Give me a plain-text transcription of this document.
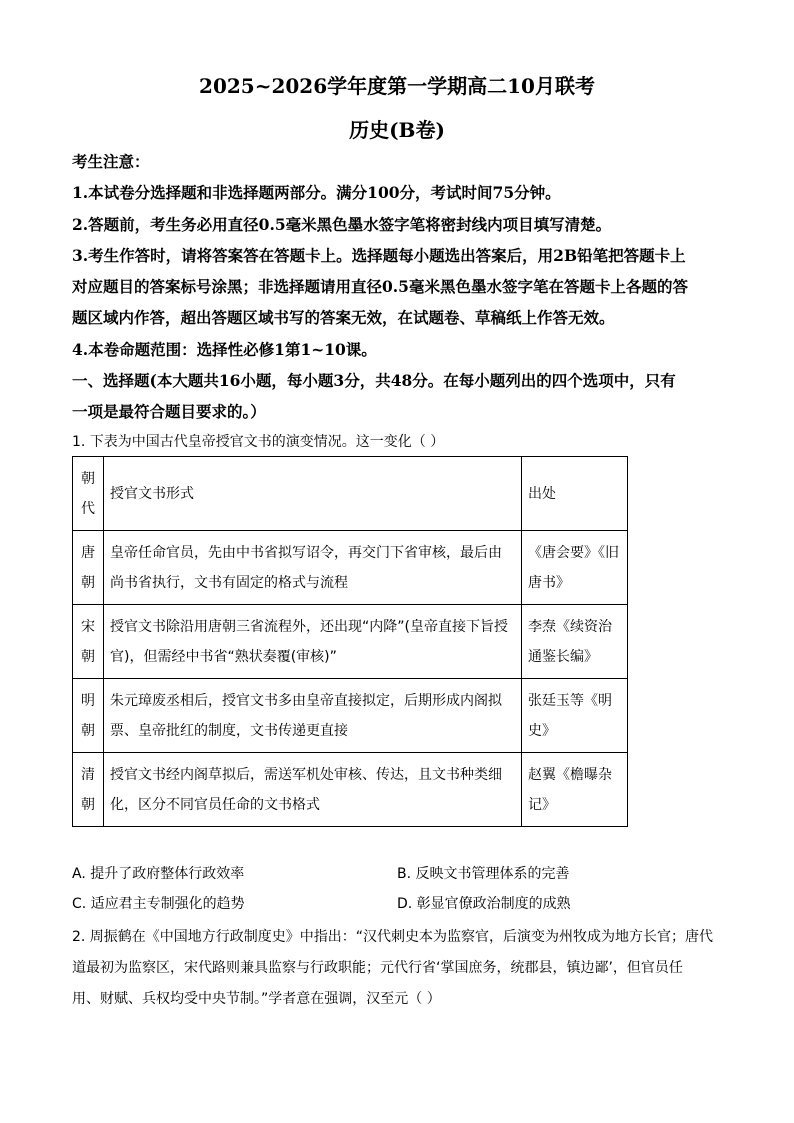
2025~2026学年度第一学期高二10月联考
历史(B卷)
考生注意：
1.本试卷分选择题和非选择题两部分。满分100分，考试时间75分钟。
2.答题前，考生务必用直径0.5毫米黑色墨水签字笔将密封线内项目填写清楚。
3.考生作答时，请将答案答在答题卡上。选择题每小题选出答案后，用2B铅笔把答题卡上
对应题目的答案标号涂黑；非选择题请用直径0.5毫米黑色墨水签字笔在答题卡上各题的答
题区域内作答，超出答题区域书写的答案无效，在试题卷、草稿纸上作答无效。
4.本卷命题范围：选择性必修1第1~10课。
一、选择题(本大题共16小题，每小题3分，共48分。在每小题列出的四个选项中，只有
一项是最符合题目要求的。）
1. 下表为中国古代皇帝授官文书的演变情况。这一变化（ ）
朝代	授官文书形式	出处
唐朝	皇帝任命官员，先由中书省拟写诏令，再交门下省审核，最后由尚书省执行，文书有固定的格式与流程	《唐会要》《旧唐书》
宋朝	授官文书除沿用唐朝三省流程外，还出现“内降”(皇帝直接下旨授官)，但需经中书省“熟状奏覆(审核)”	李焘《续资治通鉴长编》
明朝	朱元璋废丞相后，授官文书多由皇帝直接拟定，后期形成内阁拟票、皇帝批红的制度，文书传递更直接	张廷玉等《明史》
清朝	授官文书经内阁草拟后，需送军机处审核、传达，且文书种类细化，区分不同官员任命的文书格式	赵翼《檐曝杂记》
A. 提升了政府整体行政效率	B. 反映文书管理体系的完善
C. 适应君主专制强化的趋势	D. 彰显官僚政治制度的成熟
2. 周振鹤在《中国地方行政制度史》中指出：“汉代刺史本为监察官，后演变为州牧成为地方长官；唐代
道最初为监察区，宋代路则兼具监察与行政职能；元代行省‘掌国庶务，统郡县，镇边鄙’，但官员任
用、财赋、兵权均受中央节制。”学者意在强调，汉至元（ ）
